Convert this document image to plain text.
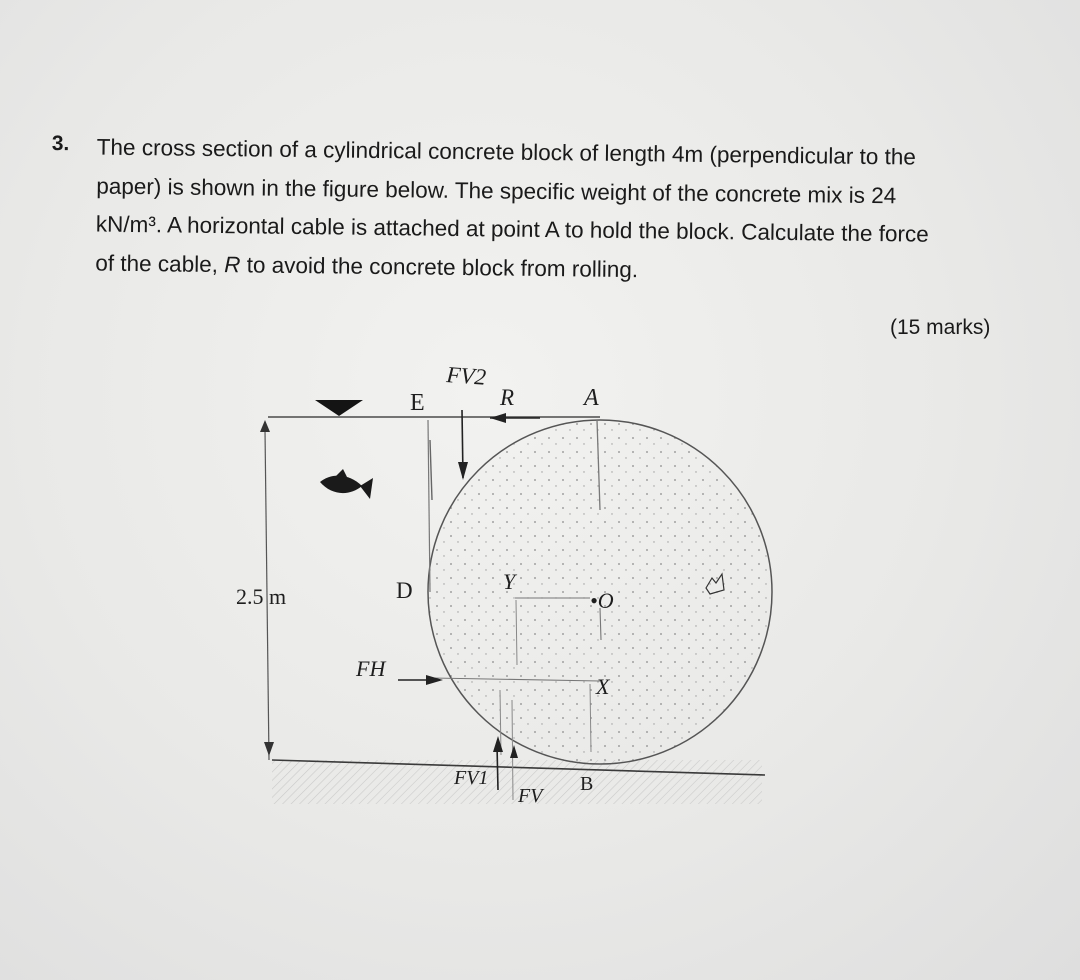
3. The cross section of a cylindrical concrete block of length 4m (perpendicular to the
paper) is shown in the figure below. The specific weight of the concrete mix is 24
kN/m³. A horizontal cable is attached at point A to hold the block. Calculate the force
of the cable, R to avoid the concrete block from rolling.
(15 marks)
2.5 m
E
FV2
R	A
D	Y
•O
FH
X
FV1
FV
B
